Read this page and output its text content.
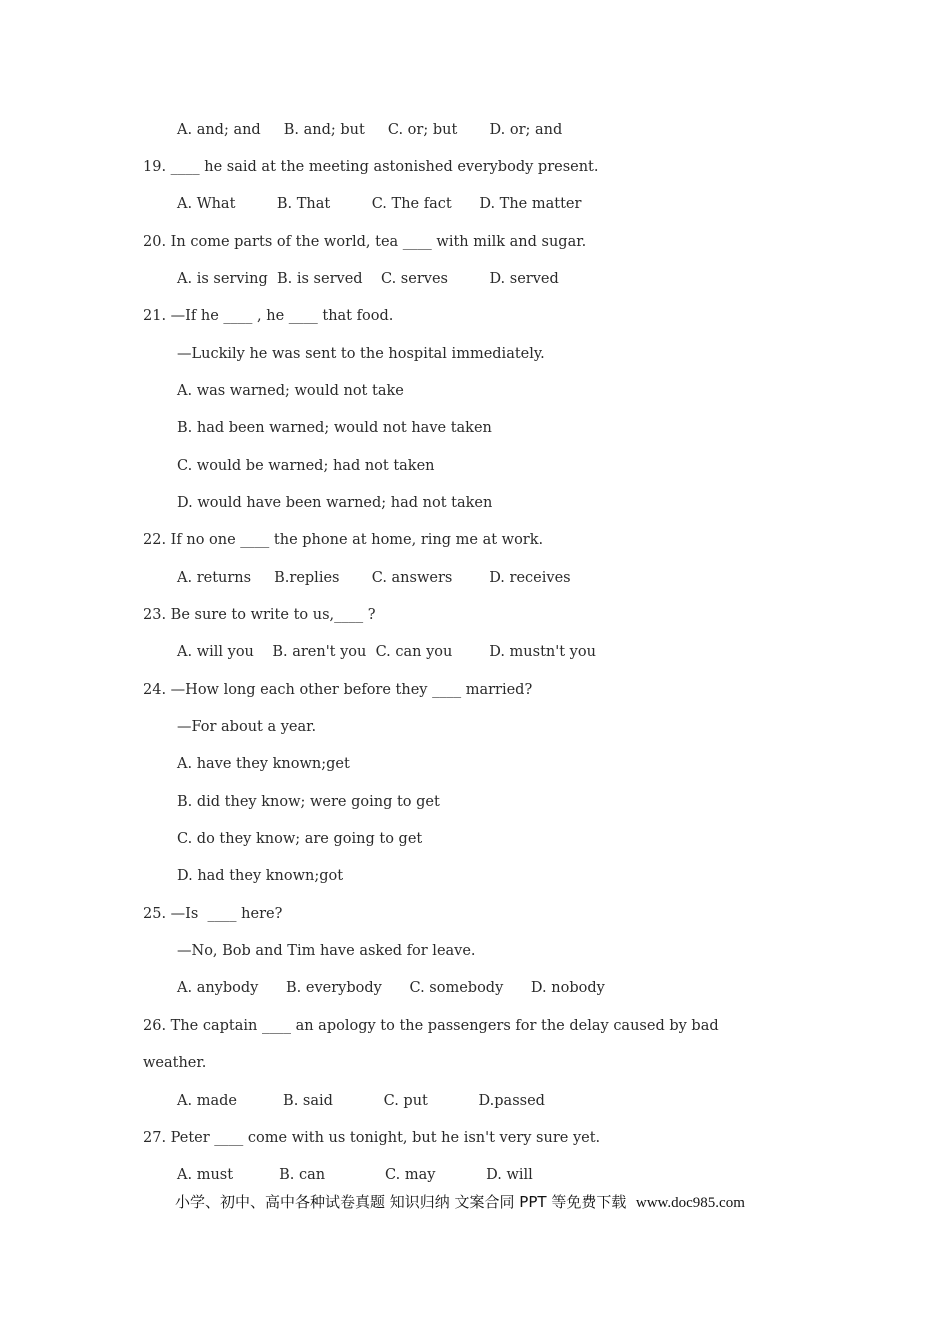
A. and; and     B. and; but     C. or; but       D. or; and
19. ____ he said at the meeting astonished everybody present.
A. What         B. That         C. The fact      D. The matter
20. In come parts of the world, tea ____ with milk and sugar.
A. is serving  B. is served    C. serves         D. served
21. —If he ____ , he ____ that food.
—Luckily he was sent to the hospital immediately.
A. was warned; would not take
B. had been warned; would not have taken
C. would be warned; had not taken
D. would have been warned; had not taken
22. If no one ____ the phone at home, ring me at work.
A. returns     B.replies       C. answers        D. receives
23. Be sure to write to us,____ ?
A. will you    B. aren't you  C. can you        D. mustn't you
24. —How long each other before they ____ married?
—For about a year.
A. have they known;get
B. did they know; were going to get
C. do they know; are going to get
D. had they known;got
25. —Is  ____ here?
—No, Bob and Tim have asked for leave.
A. anybody      B. everybody      C. somebody      D. nobody
26. The captain ____ an apology to the passengers for the delay caused by bad
weather.
A. made          B. said           C. put           D.passed
27. Peter ____ come with us tonight, but he isn't very sure yet.
A. must          B. can             C. may           D. will
小学、初中、高中各种试卷真题 知识归纳 文案合同 PPT 等免费下载  www.doc985.com
